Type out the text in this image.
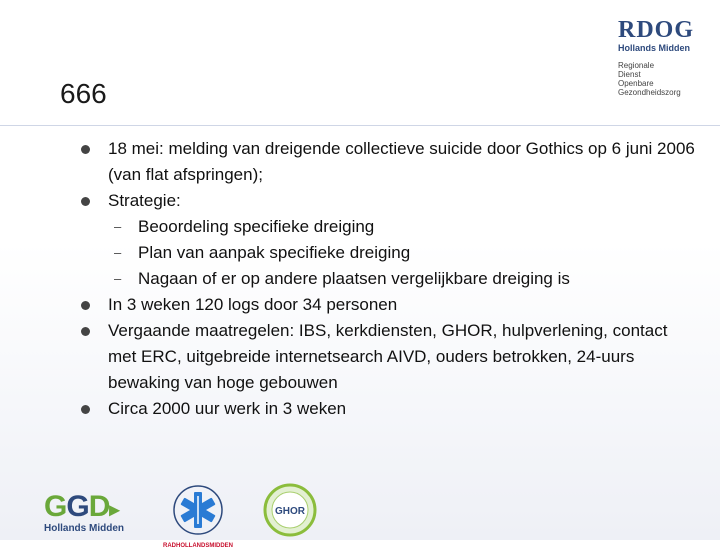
RDOG
Hollands Midden
Regionale
Dienst
Openbare
Gezondheidszorg
666
18 mei: melding van dreigende collectieve suicide door Gothics op 6 juni 2006 (van flat afspringen);
Strategie:
– Beoordeling specifieke dreiging
– Plan van aanpak specifieke dreiging
– Nagaan of er op andere plaatsen vergelijkbare dreiging is
In 3 weken 120 logs door 34 personen
Vergaande maatregelen: IBS, kerkdiensten, GHOR, hulpverlening, contact met ERC, uitgebreide internetsearch AIVD, ouders betrokken, 24-uurs bewaking van hoge gebouwen
Circa 2000 uur werk in 3 weken
GGD▸
Hollands Midden
RADHOLLANDSMIDDEN
GHOR
